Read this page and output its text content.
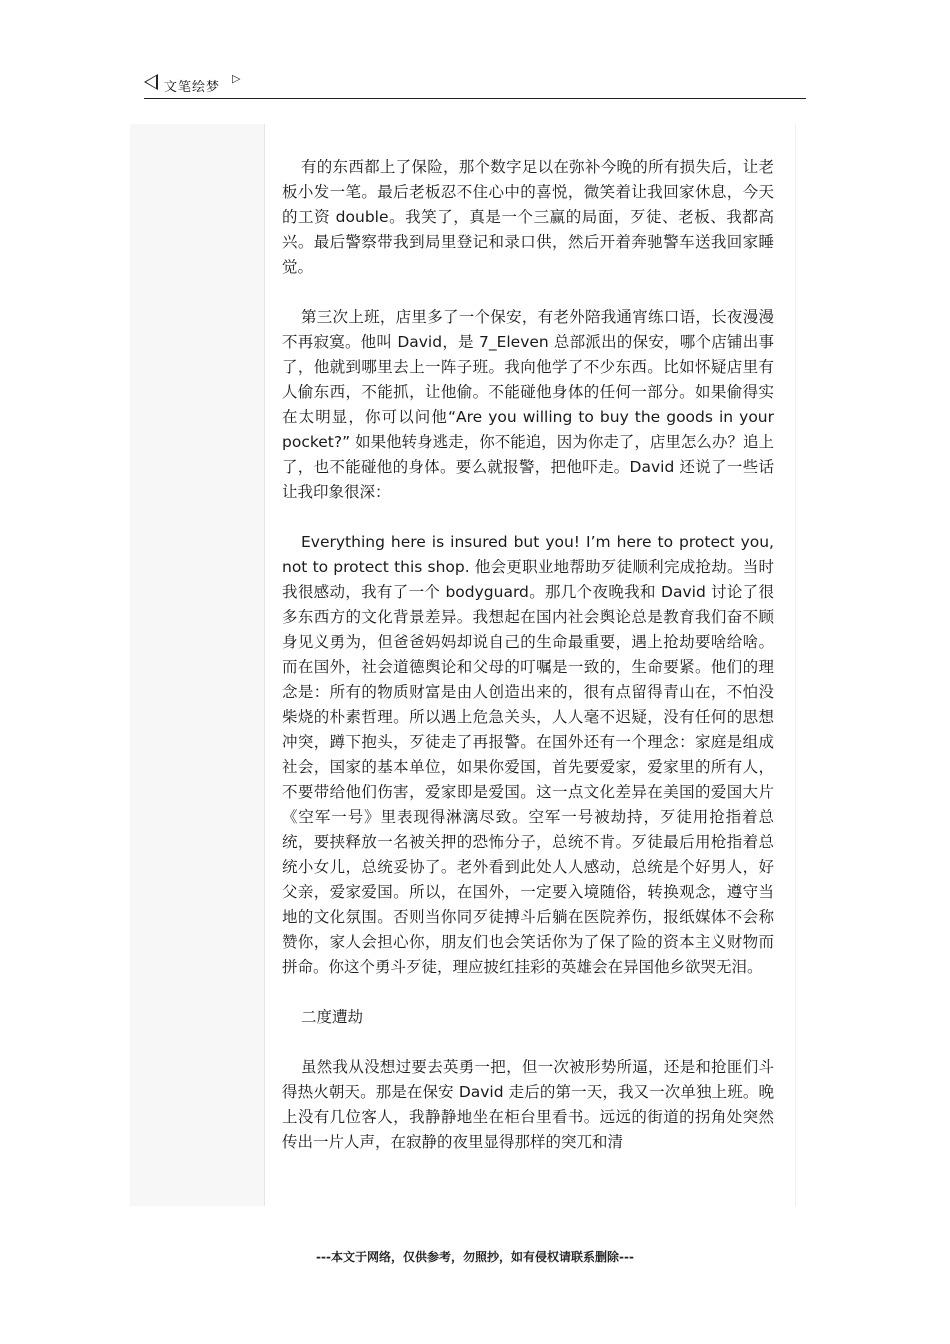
文笔绘梦
▷

有的东西都上了保险，那个数字足以在弥补今晚的所有损失后，让老板小发一笔。最后老板忍不住心中的喜悦，微笑着让我回家休息，今天的工资 double。我笑了，真是一个三赢的局面，歹徒、老板、我都高兴。最后警察带我到局里登记和录口供，然后开着奔驰警车送我回家睡觉。

第三次上班，店里多了一个保安，有老外陪我通宵练口语，长夜漫漫不再寂寞。他叫 David，是 7_Eleven 总部派出的保安，哪个店铺出事了，他就到哪里去上一阵子班。我向他学了不少东西。比如怀疑店里有人偷东西，不能抓，让他偷。不能碰他身体的任何一部分。如果偷得实在太明显，你可以问他“Are you willing to buy the goods in your pocket?” 如果他转身逃走，你不能追，因为你走了，店里怎么办？追上了，也不能碰他的身体。要么就报警，把他吓走。David 还说了一些话让我印象很深：

Everything here is insured but you! I’m here to protect you, not to protect this shop. 他会更职业地帮助歹徒顺利完成抢劫。当时我很感动，我有了一个 bodyguard。那几个夜晚我和 David 讨论了很多东西方的文化背景差异。我想起在国内社会舆论总是教育我们奋不顾身见义勇为，但爸爸妈妈却说自己的生命最重要，遇上抢劫要啥给啥。而在国外，社会道德舆论和父母的叮嘱是一致的，生命要紧。他们的理念是：所有的物质财富是由人创造出来的，很有点留得青山在，不怕没柴烧的朴素哲理。所以遇上危急关头，人人毫不迟疑，没有任何的思想冲突，蹲下抱头，歹徒走了再报警。在国外还有一个理念：家庭是组成社会，国家的基本单位，如果你爱国，首先要爱家，爱家里的所有人，不要带给他们伤害，爱家即是爱国。这一点文化差异在美国的爱国大片《空军一号》里表现得淋漓尽致。空军一号被劫持，歹徒用抢指着总统，要挟释放一名被关押的恐怖分子，总统不肯。歹徒最后用枪指着总统小女儿，总统妥协了。老外看到此处人人感动，总统是个好男人，好父亲，爱家爱国。所以，在国外，一定要入境随俗，转换观念，遵守当地的文化氛围。否则当你同歹徒搏斗后躺在医院养伤，报纸媒体不会称赞你，家人会担心你，朋友们也会笑话你为了保了险的资本主义财物而拼命。你这个勇斗歹徒，理应披红挂彩的英雄会在异国他乡欲哭无泪。

二度遭劫

虽然我从没想过要去英勇一把，但一次被形势所逼，还是和抢匪们斗得热火朝天。那是在保安 David 走后的第一天，我又一次单独上班。晚上没有几位客人，我静静地坐在柜台里看书。远远的街道的拐角处突然传出一片人声，在寂静的夜里显得那样的突兀和清

---本文于网络，仅供参考，勿照抄，如有侵权请联系删除---
